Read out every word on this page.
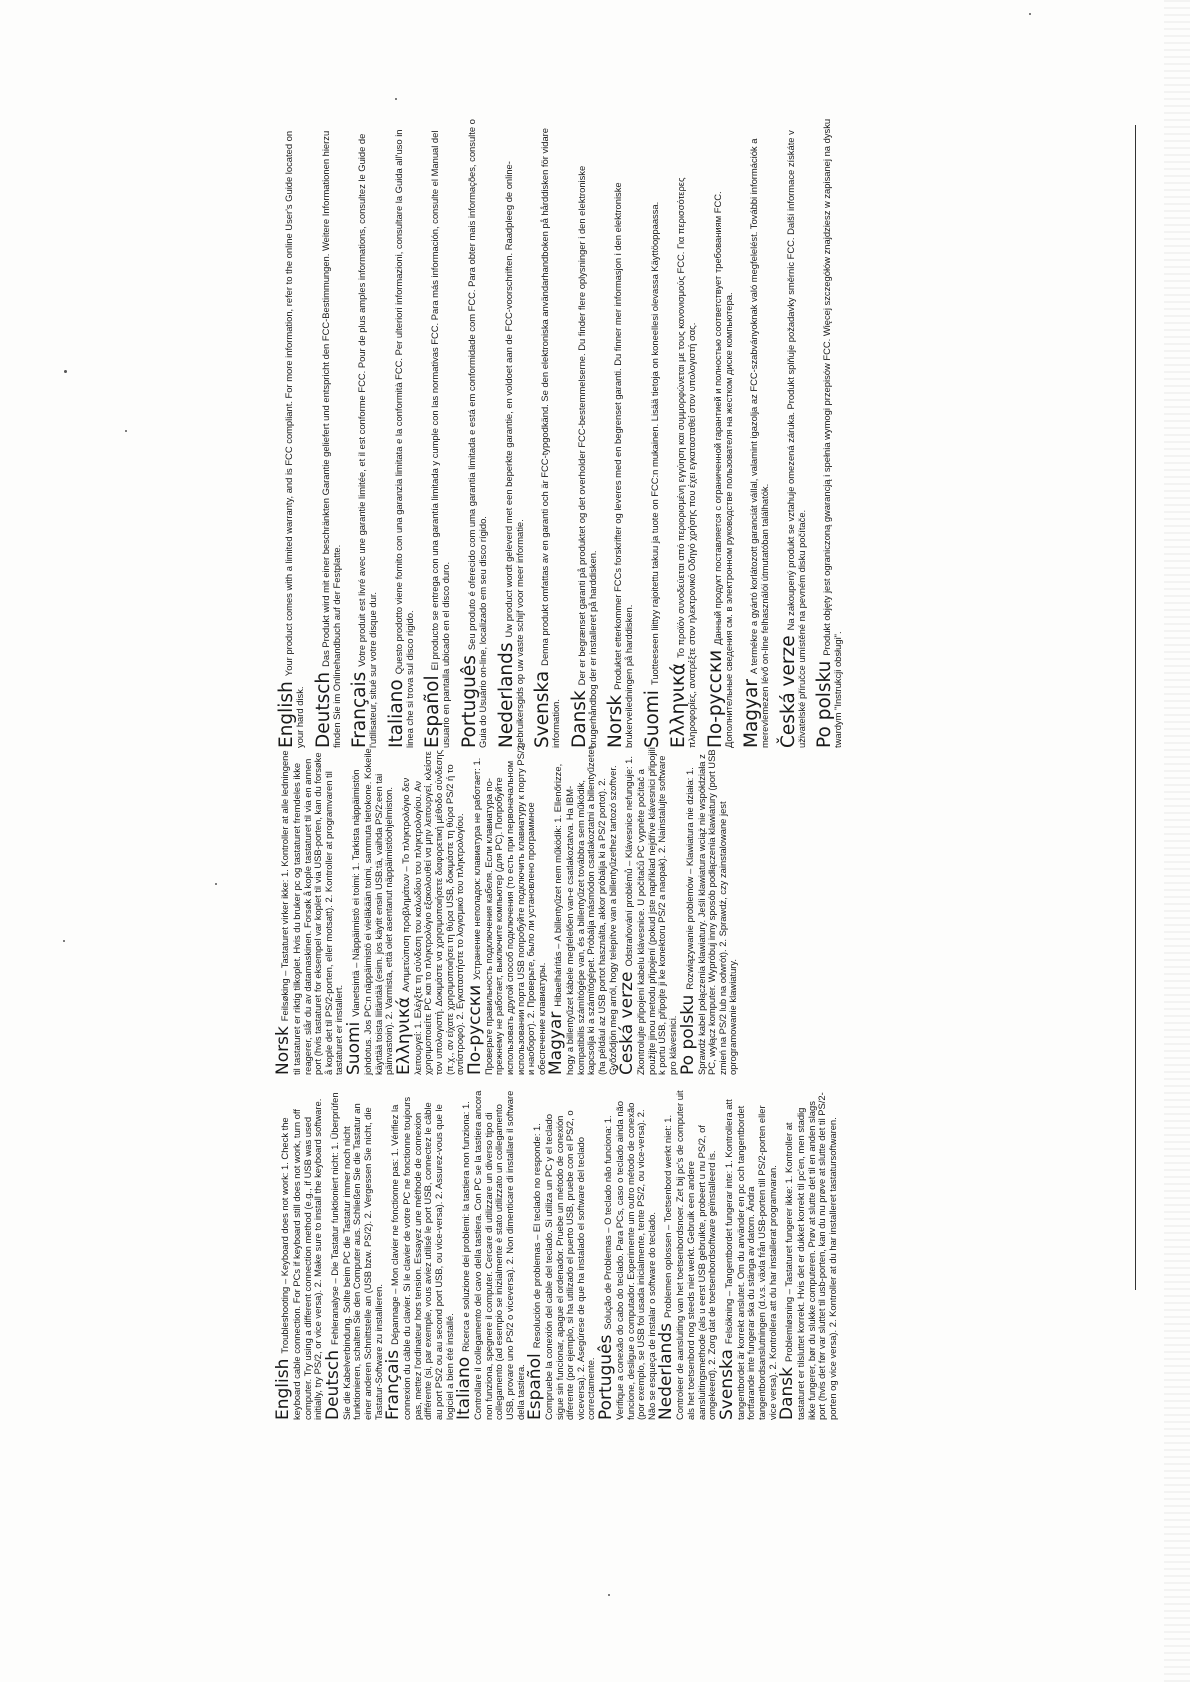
EnglishTroubleshooting – Keyboard does not work: 1. Check the keyboard cable connection. For PCs if keyboard still does not work, turn off computer. Try using a different connection method (e.g., if USB was used initially, try PS/2, or vice versa). 2. Make sure to install the keyboard software. DeutschFehleranalyse – Die Tastatur funktioniert nicht: 1. Überprüfen Sie die Kabelverbindung. Sollte beim PC die Tastatur immer noch nicht funktionieren, schalten Sie den Computer aus. Schließen Sie die Tastatur an einer anderen Schnittstelle an (USB bzw. PS/2). 2. Vergessen Sie nicht, die Tastatur-Software zu installieren. FrançaisDépannage – Mon clavier ne fonctionne pas: 1. Vérifiez la connexion du câble du clavier. Si le clavier de votre PC ne fonctionne toujours pas, mettez l'ordinateur hors tension. Essayez une méthode de connexion différente (si, par exemple, vous aviez utilisé le port USB, connectez le câble au port PS/2 ou au second port USB, ou vice-versa). 2. Assurez-vous que le logiciel a bien été installé. ItalianoRicerca e soluzione dei problemi: la tastiera non funziona: 1. Controllare il collegamento del cavo della tastiera. Con PC se la tastiera ancora non funziona, spegnere il computer. Cercare di utilizzare un diverso tipo di collegamento (ad esempio se inizialmente è stato utilizzato un collegamento USB, provare uno PS/2 o viceversa). 2. Non dimenticare di installare il software della tastiera. EspañolResolución de problemas – El teclado no responde: 1. Compruebe la conexión del cable del teclado. Si utiliza un PC y el teclado sigue sin funcionar, apague el ordenador. Pruebe un método de conexión diferente (por ejemplo, si ha utilizado el puerto USB, pruebe con el PS/2, o viceversa). 2. Asegúrese de que ha instalado el software del teclado correctamente. PortuguêsSolução de Problemas – O teclado não funciona: 1. Verifique a conexão do cabo do teclado. Para PCs, caso o teclado ainda não funcione, desligue o computador. Experimente um outro método de conexão (por exemplo, se USB foi usada inicialmente, tente PS/2, ou vice-versa). 2. Não se esqueça de instalar o software do teclado. NederlandsProblemen oplossen – Toetsenbord werkt niet: 1. Controleer de aansluiting van het toetsenbordsnoer. Zet bij pc's de computer uit als het toetsenbord nog steeds niet werkt. Gebruik een andere aansluitingsmethode (als u eerst USB gebruikte, probeert u nu PS/2, of omgekeerd). 2. Zorg dat de toetsenbordsoftware geïnstalleerd is. SvenskaFelsökning – Tangentbordet fungerar inte: 1. Kontrollera att tangentbordet är korrekt anslutet. Om du använder en pc och tangentbordet fortfarande inte fungerar ska du stänga av datorn. Ändra tangentbordsanslutningen (d.v.s. växla från USB-porten till PS/2-porten eller vice versa). 2. Kontrollera att du har installerat programvaran. DanskProblemløsning – Tastaturet fungerer ikke: 1. Kontroller at tastaturet er tilsluttet korrekt. Hvis det er dukket korrekt til pc'en, men stadig ikke fungerer, bør du slukke computeren. Prøv at slutte det til en anden slags port (hvis det før var sluttet til usb-porten, kan du nu prøve at slutte det til PS/2-porten og vice versa). 2. Kontroller at du har installeret tastatursoftwaren.
NorskFeilsøking – Tastaturet virker ikke: 1. Kontroller at alle ledningene til tastaturet er riktig tilkoplet. Hvis du bruker pc og tastaturet fremdeles ikke reagerer, slår du av datamaskinen. Forsøk å kople tastaturet til via en annen port (hvis tastaturet for eksempel var koplet til via USB-porten, kan du forsøke å kople det til PS/2-porten, eller motsatt). 2. Kontroller at programvaren til tastaturet er installert. SuomiVianetsintä – Näppäimistö ei toimi: 1. Tarkista näppäimistön johdotus. Jos PC:n näppäimistö ei vieläkään toimi, sammuta tietokone. Kokeile käyttää toista liitäntää (esim. jos käytit ensin USB:tä, vaihda PS/2:een tai päinvastoin). 2. Varmista, että olet asentanut näppäimistöohjelmiston. ΕλληνικάΑντιμετώπιση προβλημάτων – Το πληκτρολόγιο δεν λειτουργεί: 1. Ελέγξτε τη σύνδεση του καλωδίου του πληκτρολογίου. Αν χρησιμοποιείτε PC και το πληκτρολόγιο εξακολουθεί να μην λειτουργεί, κλείστε τον υπολογιστή. Δοκιμάστε να χρησιμοποιήσετε διαφορετική μέθοδο σύνδεσης (π.χ., αν είχατε χρησιμοποιήσει τη θύρα USB, δοκιμάστε τη θύρα PS/2 ή το αντίστροφο). 2. Εγκαταστήστε το λογισμικό του πληκτρολογίου. По-русскиУстранение неполадок: клавиатура не работает: 1. Проверьте правильность подключения кабеля. Если клавиатура по-прежнему не работает, выключите компьютер (для PC). Попробуйте использовать другой способ подключения (то есть при первоначальном использовании порта USB попробуйте подключить клавиатуру к порту PS/2 и наоборот). 2. Проверьте, было ли установлено программное обеспечение клавиатуры. MagyarHibaelhárítás – A billentyűzet nem működik: 1. Ellenőrizze, hogy a billentyűzet kábele megfelelően van-e csatlakoztatva. Ha IBM-kompatibilis számítógépe van, és a billentyűzet továbbra sem működik, kapcsolja ki a számítógépet. Próbálja másmódon csatlakoztatni a billentyűzetet (ha például az USB portot használta, akkor próbálja ki a PS/2 portot). 2. Győződjön meg arról, hogy telepítve van a billentyűzethez tartozó szoftver. Česká verzeOdstraňování problémů – Klávesnice nefunguje: 1. Zkontrolujte připojení kabelu klávesnice. U počítačů PC vypněte počítač a použijte jinou metodu připojení (pokud jste například nejdříve klávesnici připojili k portu USB, připojte ji ke konektoru PS/2 a naopak). 2. Nainstalujte software pro klávesnici. Po polskuRozwiązywanie problemów – Klawiatura nie działa: 1. Sprawdź kabel połączenia klawiatury. Jeśli klawiatura wciąż nie współdziała z PC, wyłącz komputer. Wypróbuj inny sposób podłączenia klawiatury (port USB zmień na PS/2 lub na odwrót). 2. Sprawdź, czy zainstalowane jest oprogramowanie klawiatury.
EnglishYour product comes with a limited warranty, and is FCC compliant. For more information, refer to the online User's Guide located on your hard disk. DeutschDas Produkt wird mit einer beschränkten Garantie geliefert und entspricht den FCC-Bestimmungen. Weitere Informationen hierzu finden Sie im Onlinehandbuch auf der Festplatte. FrançaisVotre produit est livré avec une garantie limitée, et il est conforme FCC. Pour de plus amples informations, consultez le Guide de l'utilisateur, situé sur votre disque dur. ItalianoQuesto prodotto viene fornito con una garanzia limitata e la conformità FCC. Per ulteriori informazioni, consultare la Guida all'uso in linea che si trova sul disco rigido. EspañolEl producto se entrega con una garantía limitada y cumple con las normativas FCC. Para más información, consulte el Manual del usuario en pantalla ubicado en el disco duro. PortuguêsSeu produto é oferecido com uma garantia limitada e está em conformidade com FCC. Para obter mais informações, consulte o Guia do Usuário on-line, localizado em seu disco rígido. NederlandsUw product wordt geleverd met een beperkte garantie, en voldoet aan de FCC-voorschriften. Raadpleeg de online-gebruikersgids op uw vaste schijf voor meer informatie. SvenskaDenna produkt omfattas av en garanti och är FCC-typgodkänd. Se den elektroniska användarhandboken på hårddisken för vidare information. DanskDer er begrænset garanti på produktet og det overholder FCC-bestemmelserne. Du finder flere oplysninger i den elektroniske brugerhåndbog der er installeret på harddisken. NorskProduktet etterkommer FCCs forskrifter og leveres med en begrenset garanti. Du finner mer informasjon i den elektroniske brukerveiledningen på harddisken. SuomiTuotteeseen liittyy rajoitettu takuu ja tuote on FCC:n mukainen. Lisää tietoja on koneellesi olevassa Käyttöoppaassa.
ΕλληνικάΤο προϊόν συνοδεύεται από περιορισμένη εγγύηση και συμμορφώνεται με τους κανονισμούς FCC. Για περισσότερες πληροφορίες, ανατρέξτε στον ηλεκτρονικό Οδηγό χρήσης που έχει εγκατασταθεί στον υπολογιστή σας. По-русскиДанный продукт поставляется с ограниченной гарантией и полностью соответствует требованиям FCC. Дополнительные сведения см. в электронном руководстве пользователя на жестком диске компьютера. MagyarA termékre a gyártó korlátozott garanciát vállal, valamint igazolja az FCC-szabványoknak való megfelelést. További információk a merevlemezen lévő on-line felhasználói útmutatóban találhatók. Česká verzeNa zakoupený produkt se vztahuje omezená záruka. Produkt splňuje požadavky směrnic FCC. Další informace získáte v uživatelské příručce umístěné na pevném disku počítače. Po polskuProdukt objęty jest ograniczoną gwarancją i spełnia wymogi przepisów FCC. Więcej szczegółów znajdziesz w zapisanej na dysku twardym "Instrukcji obsługi".
